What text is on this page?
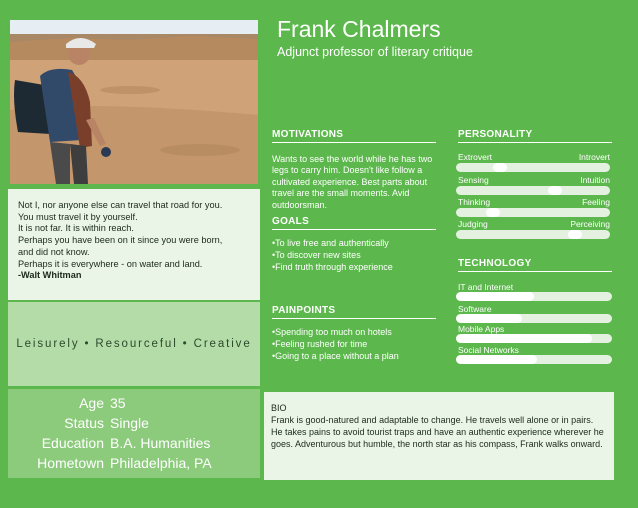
Not I, nor anyone else can travel that road for you.
You must travel it by yourself.
It is not far. It is within reach.
Perhaps you have been on it since you were born,
and did not know.
Perhaps it is everywhere - on water and land.
-Walt Whitman
Leisurely • Resourceful • Creative
Age 35
Status Single
Education B.A. Humanities
Hometown Philadelphia, PA
Frank Chalmers
Adjunct professor of literary critique
MOTIVATIONS
Wants to see the world while he has two legs to carry him. Doesn't like follow a cultivated experience. Best parts about travel are the small moments. Avid outdoorsman.
GOALS
• To live free and authentically
• To discover new sites
• Find truth through experience
PAINPOINTS
• Spending too much on hotels
• Feeling rushed for time
• Going to a place without a plan
PERSONALITY
Extrovert	Introvert
Sensing	Intuition
Thinking	Feeling
Judging	Perceiving
TECHNOLOGY
IT and Internet
Software
Mobile Apps
Social Networks
BIO
Frank is good-natured and adaptable to change. He travels well alone or in pairs. He takes pains to avoid tourist traps and have an authentic experience wherever he goes. Adventurous but humble, the north star as his compass, Frank walks onward.
